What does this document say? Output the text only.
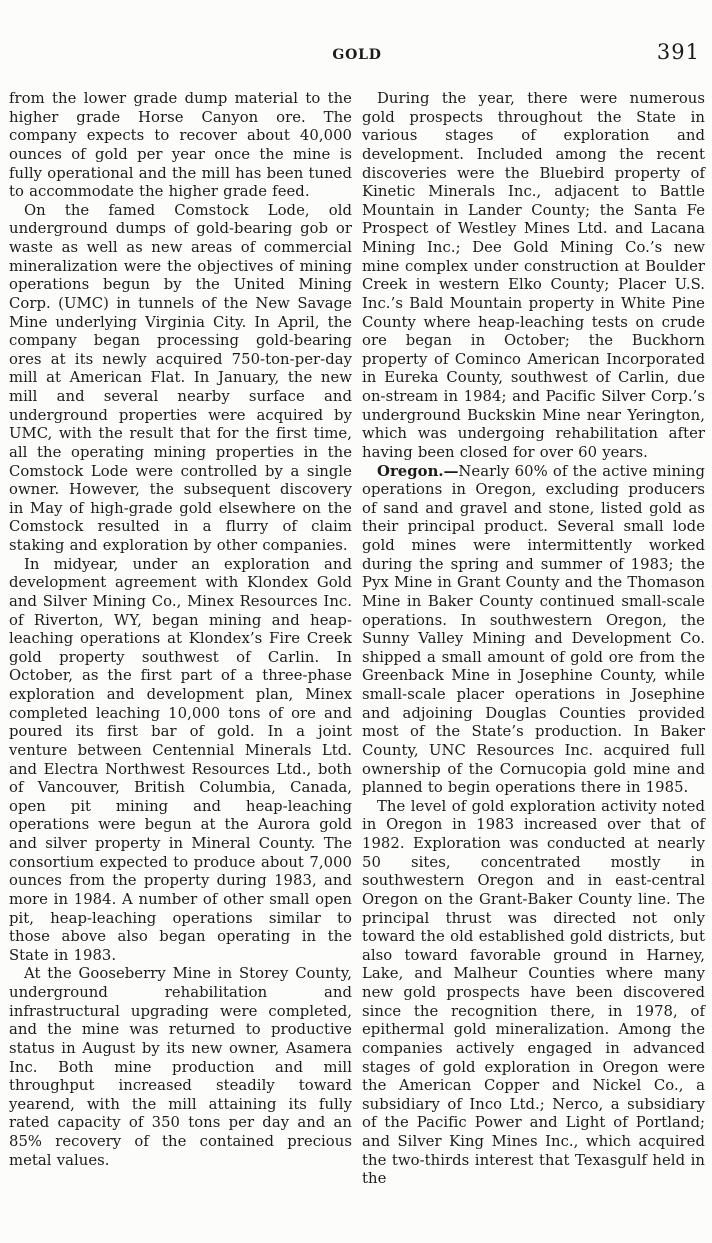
GOLD	391

from the lower grade dump material to the higher grade Horse Canyon ore. The company expects to recover about 40,000 ounces of gold per year once the mine is fully operational and the mill has been tuned to accommodate the higher grade feed.

On the famed Comstock Lode, old underground dumps of gold-bearing gob or waste as well as new areas of commercial mineralization were the objectives of mining operations begun by the United Mining Corp. (UMC) in tunnels of the New Savage Mine underlying Virginia City. In April, the company began processing gold-bearing ores at its newly acquired 750-ton-per-day mill at American Flat. In January, the new mill and several nearby surface and underground properties were acquired by UMC, with the result that for the first time, all the operating mining properties in the Comstock Lode were controlled by a single owner. However, the subsequent discovery in May of high-grade gold elsewhere on the Comstock resulted in a flurry of claim staking and exploration by other companies.

In midyear, under an exploration and development agreement with Klondex Gold and Silver Mining Co., Minex Resources Inc. of Riverton, WY, began mining and heap-leaching operations at Klondex’s Fire Creek gold property southwest of Carlin. In October, as the first part of a three-phase exploration and development plan, Minex completed leaching 10,000 tons of ore and poured its first bar of gold. In a joint venture between Centennial Minerals Ltd. and Electra Northwest Resources Ltd., both of Vancouver, British Columbia, Canada, open pit mining and heap-leaching operations were begun at the Aurora gold and silver property in Mineral County. The consortium expected to produce about 7,000 ounces from the property during 1983, and more in 1984. A number of other small open pit, heap-leaching operations similar to those above also began operating in the State in 1983.

At the Gooseberry Mine in Storey County, underground rehabilitation and infrastructural upgrading were completed, and the mine was returned to productive status in August by its new owner, Asamera Inc. Both mine production and mill throughput increased steadily toward yearend, with the mill attaining its fully rated capacity of 350 tons per day and an 85% recovery of the contained precious metal values.

During the year, there were numerous gold prospects throughout the State in various stages of exploration and development. Included among the recent discoveries were the Bluebird property of Kinetic Minerals Inc., adjacent to Battle Mountain in Lander County; the Santa Fe Prospect of Westley Mines Ltd. and Lacana Mining Inc.; Dee Gold Mining Co.’s new mine complex under construction at Boulder Creek in western Elko County; Placer U.S. Inc.’s Bald Mountain property in White Pine County where heap-leaching tests on crude ore began in October; the Buckhorn property of Cominco American Incorporated in Eureka County, southwest of Carlin, due on-stream in 1984; and Pacific Silver Corp.’s underground Buckskin Mine near Yerington, which was undergoing rehabilitation after having been closed for over 60 years.

Oregon.—Nearly 60% of the active mining operations in Oregon, excluding producers of sand and gravel and stone, listed gold as their principal product. Several small lode gold mines were intermittently worked during the spring and summer of 1983; the Pyx Mine in Grant County and the Thomason Mine in Baker County continued small-scale operations. In southwestern Oregon, the Sunny Valley Mining and Development Co. shipped a small amount of gold ore from the Greenback Mine in Josephine County, while small-scale placer operations in Josephine and adjoining Douglas Counties provided most of the State’s production. In Baker County, UNC Resources Inc. acquired full ownership of the Cornucopia gold mine and planned to begin operations there in 1985.

The level of gold exploration activity noted in Oregon in 1983 increased over that of 1982. Exploration was conducted at nearly 50 sites, concentrated mostly in southwestern Oregon and in east-central Oregon on the Grant-Baker County line. The principal thrust was directed not only toward the old established gold districts, but also toward favorable ground in Harney, Lake, and Malheur Counties where many new gold prospects have been discovered since the recognition there, in 1978, of epithermal gold mineralization. Among the companies actively engaged in advanced stages of gold exploration in Oregon were the American Copper and Nickel Co., a subsidiary of Inco Ltd.; Nerco, a subsidiary of the Pacific Power and Light of Portland; and Silver King Mines Inc., which acquired the two-thirds interest that Texasgulf held in the
